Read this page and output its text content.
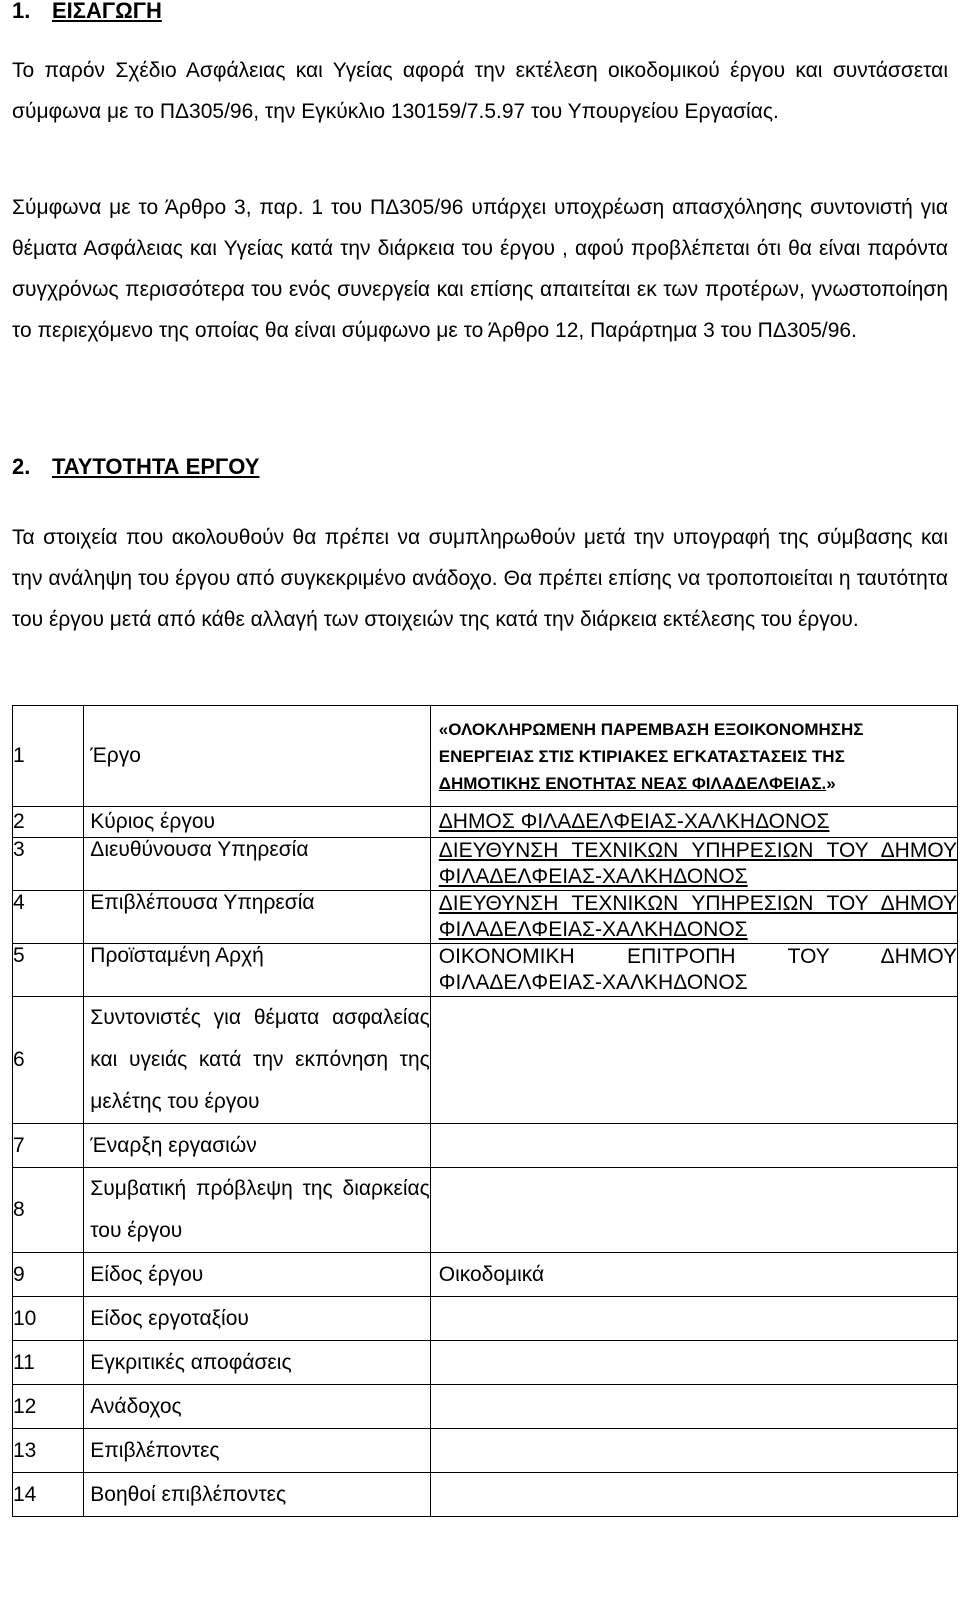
1. ΕΙΣΑΓΩΓΗ

Το παρόν Σχέδιο Ασφάλειας και Υγείας αφορά την εκτέλεση οικοδομικού έργου και συντάσσεται σύμφωνα με το ΠΔ305/96, την Εγκύκλιο 130159/7.5.97 του Υπουργείου Εργασίας.

Σύμφωνα με το Άρθρο 3, παρ. 1 του ΠΔ305/96 υπάρχει υποχρέωση απασχόλησης συντονιστή για θέματα Ασφάλειας και Υγείας κατά την διάρκεια του έργου , αφού προβλέπεται ότι θα είναι παρόντα συγχρόνως περισσότερα του ενός συνεργεία και επίσης απαιτείται εκ των προτέρων, γνωστοποίηση το περιεχόμενο της οποίας θα είναι σύμφωνο με το Άρθρο 12, Παράρτημα 3 του ΠΔ305/96.

2. ΤΑΥΤΟΤΗΤΑ ΕΡΓΟΥ

Τα στοιχεία που ακολουθούν θα πρέπει να συμπληρωθούν μετά την υπογραφή της σύμβασης και την ανάληψη του έργου από συγκεκριμένο ανάδοχο. Θα πρέπει επίσης να τροποποιείται η ταυτότητα του έργου μετά από κάθε αλλαγή των στοιχειών της κατά την διάρκεια εκτέλεσης του έργου.

1	Έργο	«ΟΛΟΚΛΗΡΩΜΕΝΗ ΠΑΡΕΜΒΑΣΗ ΕΞΟΙΚΟΝΟΜΗΣΗΣ
ΕΝΕΡΓΕΙΑΣ ΣΤΙΣ ΚΤΙΡΙΑΚΕΣ ΕΓΚΑΤΑΣΤΑΣΕΙΣ ΤΗΣ
ΔΗΜΟΤΙΚΗΣ ΕΝΟΤΗΤΑΣ ΝΕΑΣ ΦΙΛΑΔΕΛΦΕΙΑΣ.»

2	Κύριος έργου	ΔΗΜΟΣ ΦΙΛΑΔΕΛΦΕΙΑΣ-ΧΑΛΚΗΔΟΝΟΣ

3	Διευθύνουσα Υπηρεσία	ΔΙΕΥΘΥΝΣΗ ΤΕΧΝΙΚΩΝ ΥΠΗΡΕΣΙΩΝ ΤΟΥ ΔΗΜΟΥ ΦΙΛΑΔΕΛΦΕΙΑΣ-ΧΑΛΚΗΔΟΝΟΣ

4	Επιβλέπουσα Υπηρεσία	ΔΙΕΥΘΥΝΣΗ ΤΕΧΝΙΚΩΝ ΥΠΗΡΕΣΙΩΝ ΤΟΥ ΔΗΜΟΥ ΦΙΛΑΔΕΛΦΕΙΑΣ-ΧΑΛΚΗΔΟΝΟΣ

5	Προϊσταμένη Αρχή	ΟΙΚΟΝΟΜΙΚΗ ΕΠΙΤΡΟΠΗ ΤΟΥ ΔΗΜΟΥ ΦΙΛΑΔΕΛΦΕΙΑΣ-ΧΑΛΚΗΔΟΝΟΣ

6	Συντονιστές για θέματα ασφαλείας και υγειάς κατά την εκπόνηση της μελέτης του έργου	

7	Έναρξη εργασιών	
8	Συμβατική πρόβλεψη της διαρκείας του έργου	

9	Είδος έργου	Οικοδομικά
10	Είδος εργοταξίου	
11	Εγκριτικές αποφάσεις	
12	Ανάδοχος	
13	Επιβλέποντες	
14	Βοηθοί επιβλέποντες	
